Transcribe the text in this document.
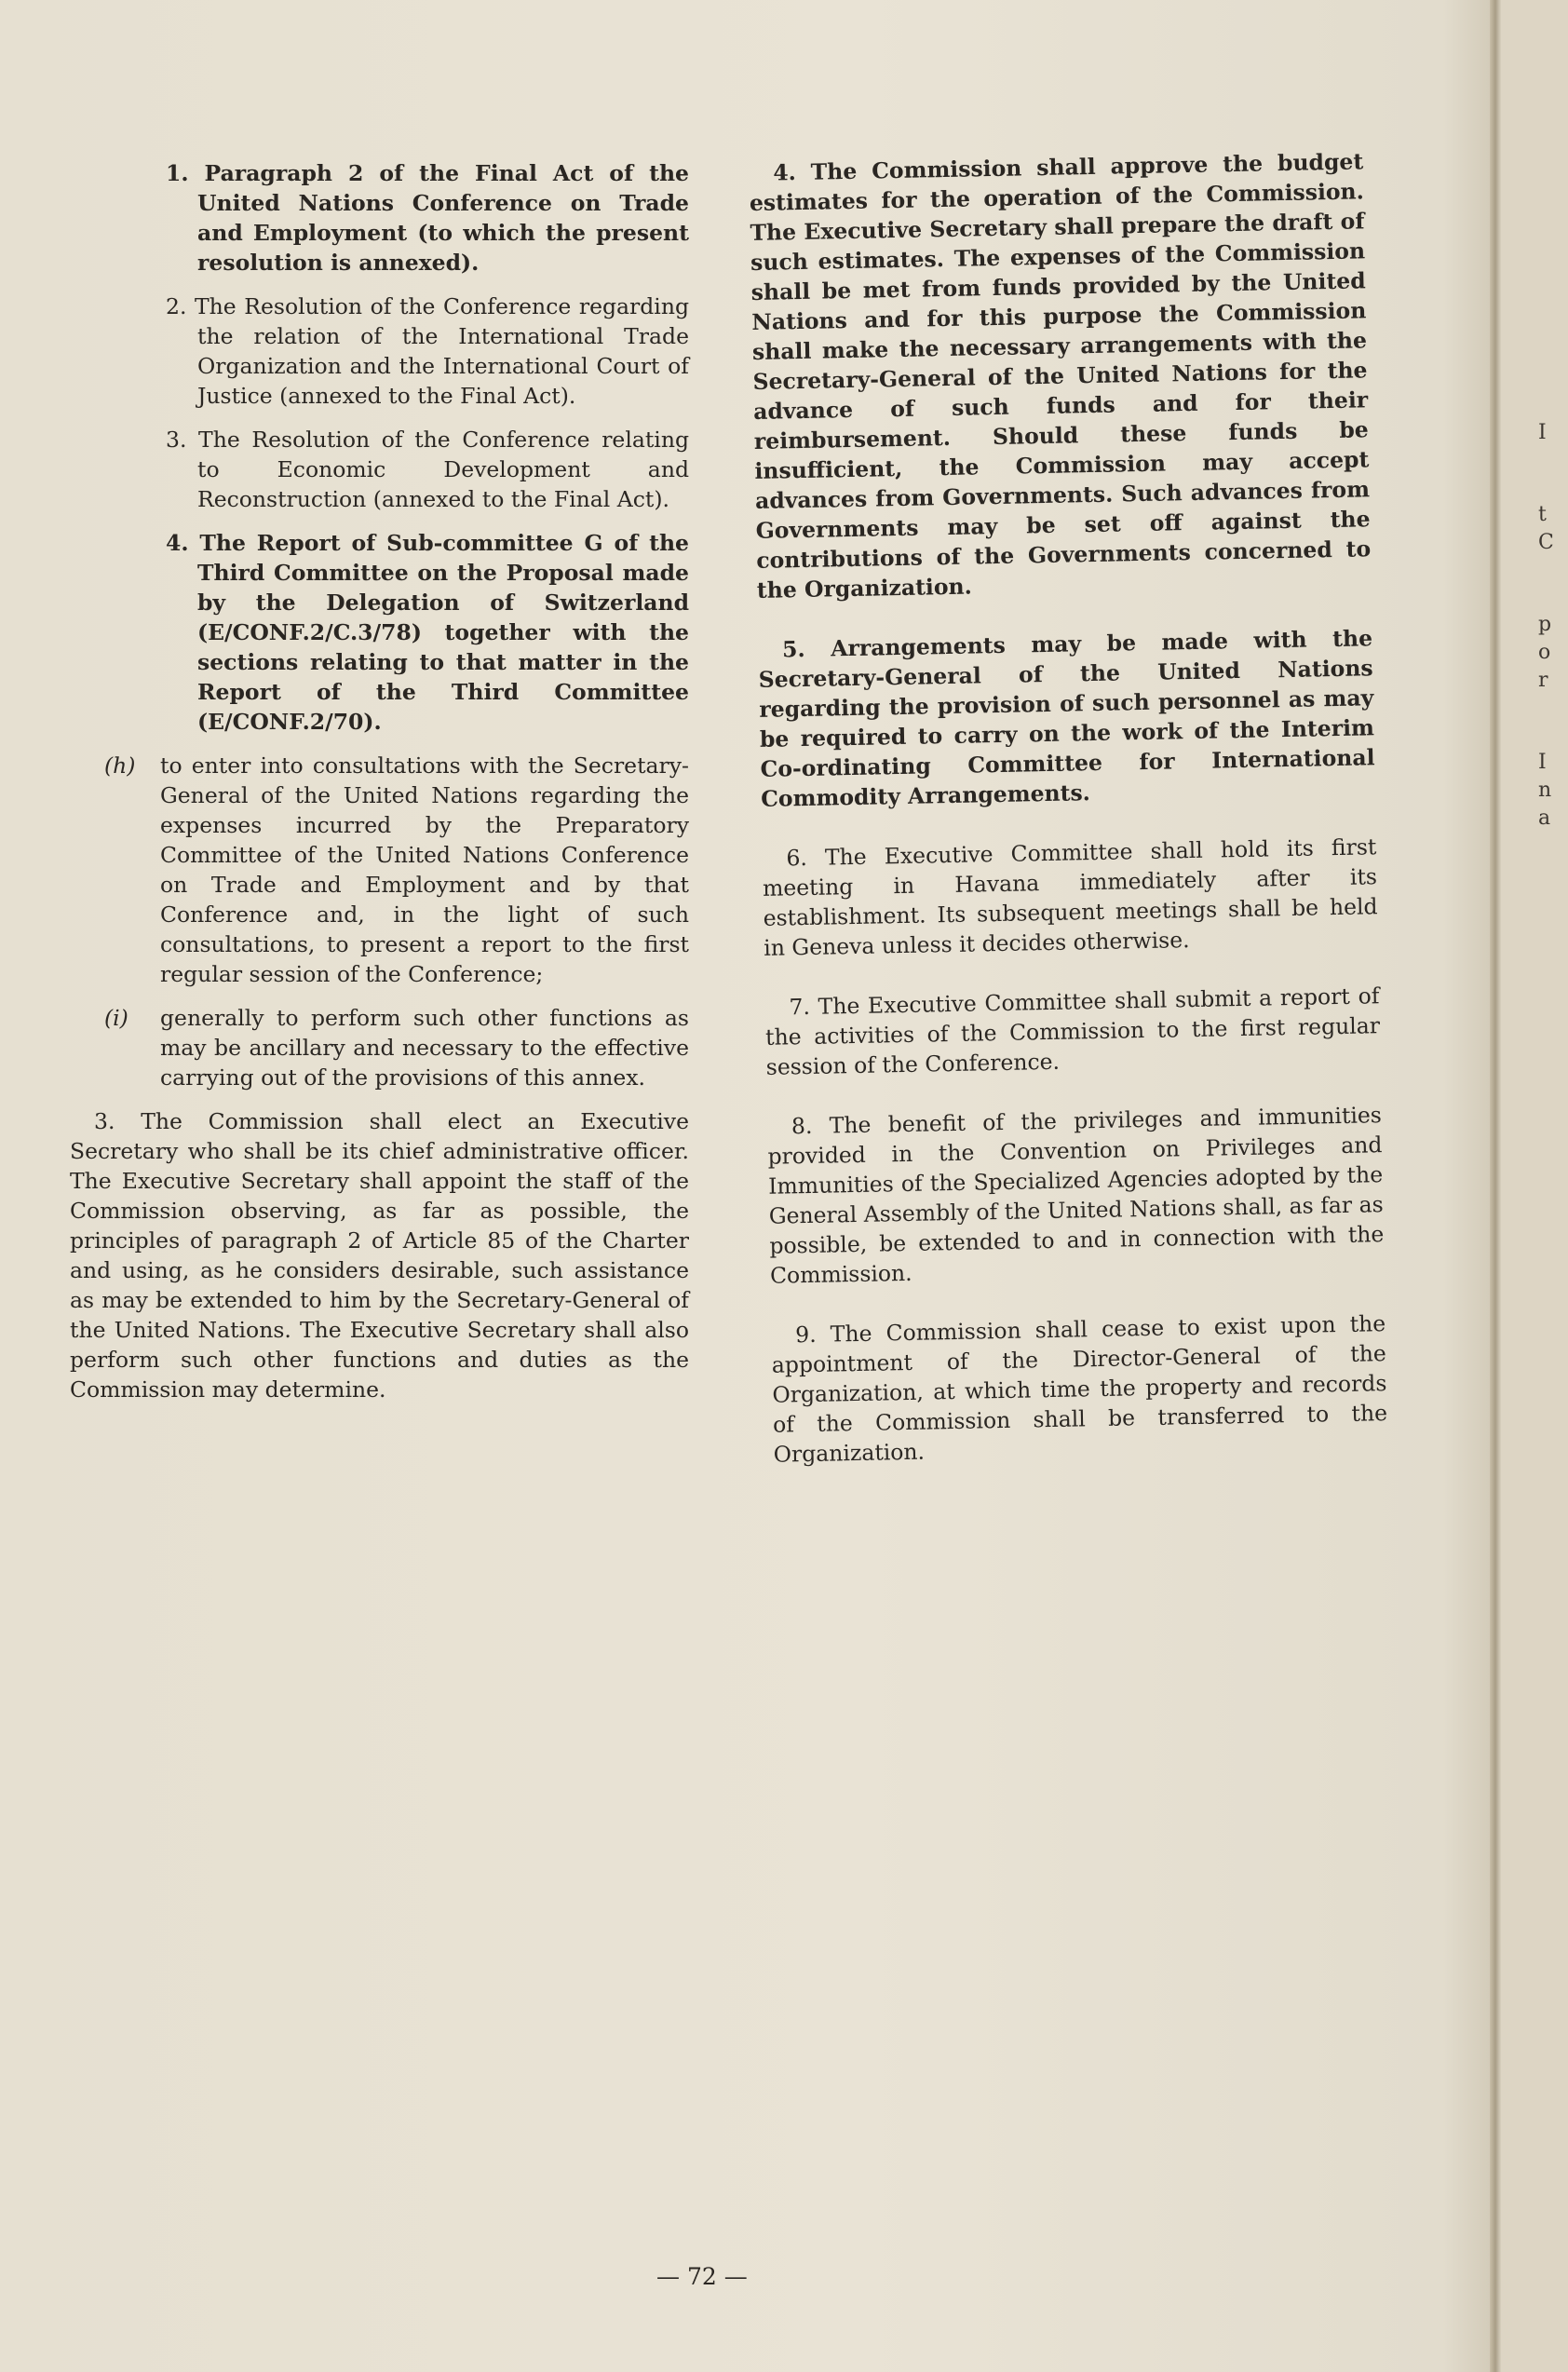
I
t
C
p
o
r
I
n
a

1. Paragraph 2 of the Final Act of the United Nations Conference on Trade and Employment (to which the present resolution is annexed).

2. The Resolution of the Conference regarding the relation of the International Trade Organization and the International Court of Justice (annexed to the Final Act).

3. The Resolution of the Conference relating to Economic Development and Reconstruction (annexed to the Final Act).

4. The Report of Sub-committee G of the Third Committee on the Proposal made by the Delegation of Switzerland (E/CONF.2/C.3/78) together with the sections relating to that matter in the Report of the Third Committee (E/CONF.2/70).

(h) to enter into consultations with the Secretary-General of the United Nations regarding the expenses incurred by the Preparatory Committee of the United Nations Conference on Trade and Employment and by that Conference and, in the light of such consultations, to present a report to the first regular session of the Conference;

(i) generally to perform such other functions as may be ancillary and necessary to the effective carrying out of the provisions of this annex.

3. The Commission shall elect an Executive Secretary who shall be its chief administrative officer. The Executive Secretary shall appoint the staff of the Commission observing, as far as possible, the principles of paragraph 2 of Article 85 of the Charter and using, as he considers desirable, such assistance as may be extended to him by the Secretary-General of the United Nations. The Executive Secretary shall also perform such other functions and duties as the Commission may determine.

4. The Commission shall approve the budget estimates for the operation of the Commission. The Executive Secretary shall prepare the draft of such estimates. The expenses of the Commission shall be met from funds provided by the United Nations and for this purpose the Commission shall make the necessary arrangements with the Secretary-General of the United Nations for the advance of such funds and for their reimbursement. Should these funds be insufficient, the Commission may accept advances from Governments. Such advances from Governments may be set off against the contributions of the Governments concerned to the Organization.

5. Arrangements may be made with the Secretary-General of the United Nations regarding the provision of such personnel as may be required to carry on the work of the Interim Co-ordinating Committee for International Commodity Arrangements.

6. The Executive Committee shall hold its first meeting in Havana immediately after its establishment. Its subsequent meetings shall be held in Geneva unless it decides otherwise.

7. The Executive Committee shall submit a report of the activities of the Commission to the first regular session of the Conference.

8. The benefit of the privileges and immunities provided in the Convention on Privileges and Immunities of the Specialized Agencies adopted by the General Assembly of the United Nations shall, as far as possible, be extended to and in connection with the Commission.

9. The Commission shall cease to exist upon the appointment of the Director-General of the Organization, at which time the property and records of the Commission shall be transferred to the Organization.

— 72 —
